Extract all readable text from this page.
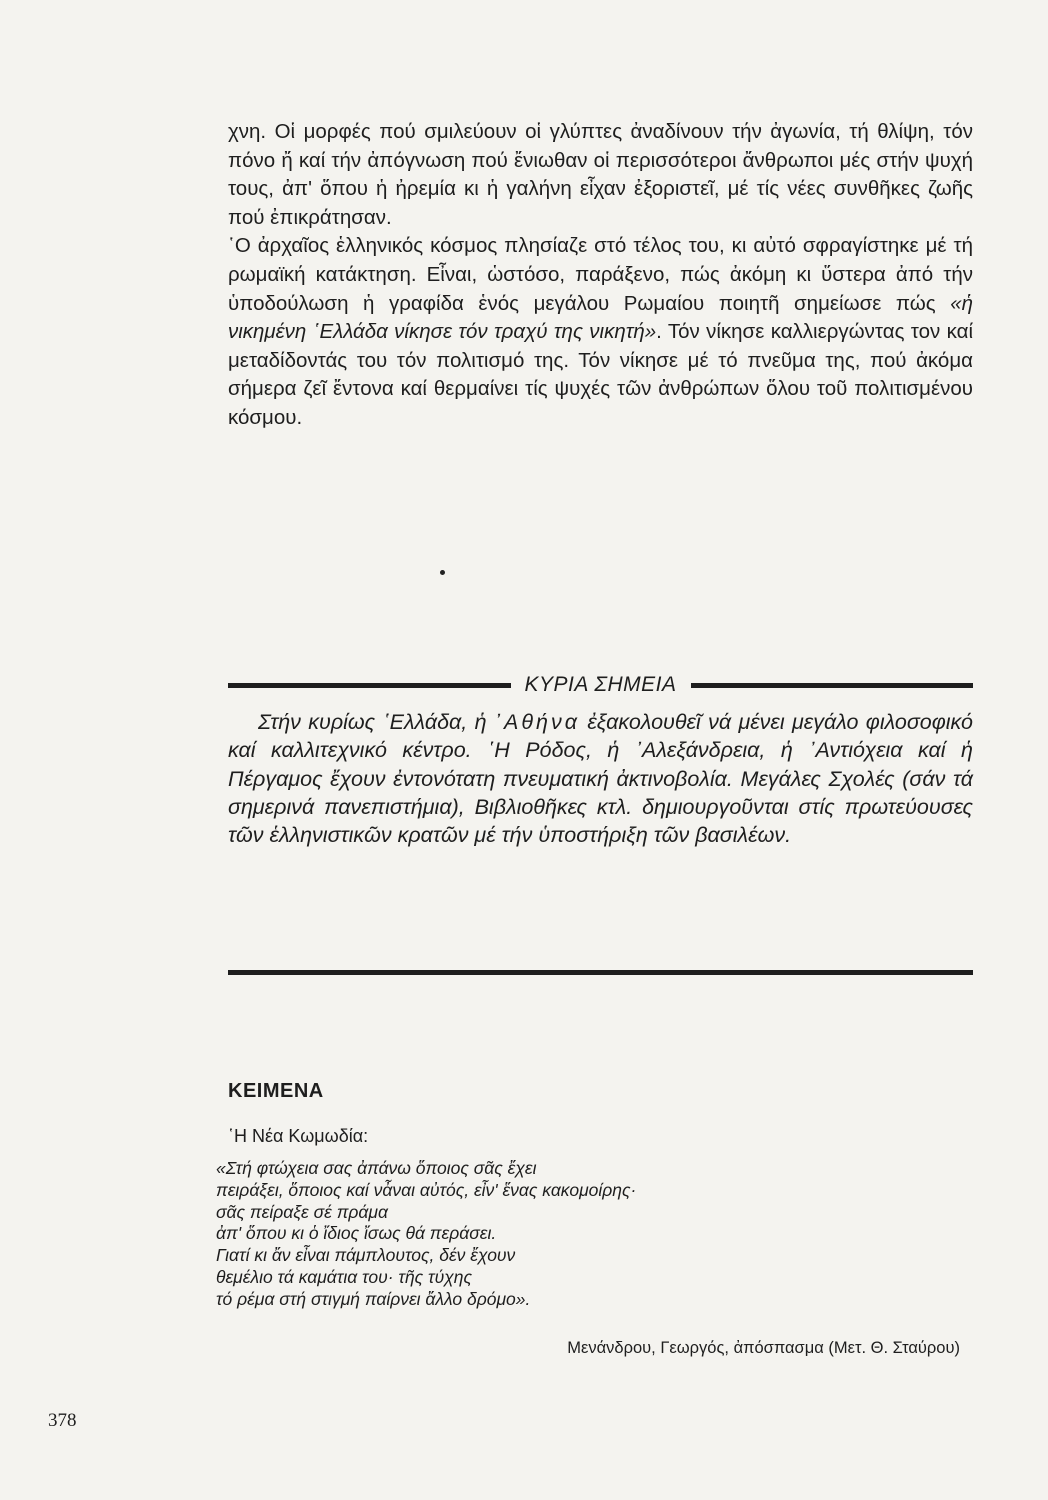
χνη. Οἱ μορφές πού σμιλεύουν οἱ γλύπτες ἀναδίνουν τήν ἀγωνία, τή θλίψη, τόν πόνο ἤ καί τήν ἀπόγνωση πού ἔνιωθαν οἱ περισσότεροι ἄνθρωποι μές στήν ψυχή τους, ἀπ' ὅπου ἡ ἠρεμία κι ἡ γαλήνη εἶχαν ἐξοριστεῖ, μέ τίς νέες συνθῆκες ζωῆς πού ἐπικράτησαν.

῾Ο ἀρχαῖος ἑλληνικός κόσμος πλησίαζε στό τέλος του, κι αὐτό σφραγίστηκε μέ τή ρωμαϊκή κατάκτηση. Εἶναι, ὡστόσο, παράξενο, πώς ἀκόμη κι ὕστερα ἀπό τήν ὑποδούλωση ἡ γραφίδα ἑνός μεγάλου Ρωμαίου ποιητῆ σημείωσε πώς «ἡ νικημένη ῾Ελλάδα νίκησε τόν τραχύ της νικητή». Τόν νίκησε καλλιεργώντας τον καί μεταδίδοντάς του τόν πολιτισμό της. Τόν νίκησε μέ τό πνεῦμα της, πού ἀκόμα σήμερα ζεῖ ἔντονα καί θερμαίνει τίς ψυχές τῶν ἀνθρώπων ὅλου τοῦ πολιτισμένου κόσμου.

ΚΥΡΙΑ ΣΗΜΕΙΑ
Στήν κυρίως ῾Ελλάδα, ἡ ᾿Αθήνα ἐξακολουθεῖ νά μένει μεγάλο φιλοσοφικό καί καλλιτεχνικό κέντρο. ῾Η Ρόδος, ἡ ᾿Αλεξάνδρεια, ἡ ᾿Αντιόχεια καί ἡ Πέργαμος ἔχουν ἐντονότατη πνευματική ἀκτινοβολία. Μεγάλες Σχολές (σάν τά σημερινά πανεπιστήμια), Βιβλιοθῆκες κτλ. δημιουργοῦνται στίς πρωτεύουσες τῶν ἑλληνιστικῶν κρατῶν μέ τήν ὑποστήριξη τῶν βασιλέων.
ΚΕΙΜΕΝΑ
῾Η Νέα Κωμωδία:
«Στή φτώχεια σας ἀπάνω ὅποιος σᾶς ἔχει
πειράξει, ὅποιος καί νἆναι αὐτός, εἶν' ἕνας κακομοίρης·
σᾶς πείραξε σέ πράμα
ἀπ' ὅπου κι ὁ ἴδιος ἴσως θά περάσει.
Γιατί κι ἄν εἶναι πάμπλουτος, δέν ἔχουν
θεμέλιο τά καμάτια του· τῆς τύχης
τό ρέμα στή στιγμή παίρνει ἄλλο δρόμο».
Μενάνδρου, Γεωργός, ἀπόσπασμα (Μετ. Θ. Σταύρου)
378
